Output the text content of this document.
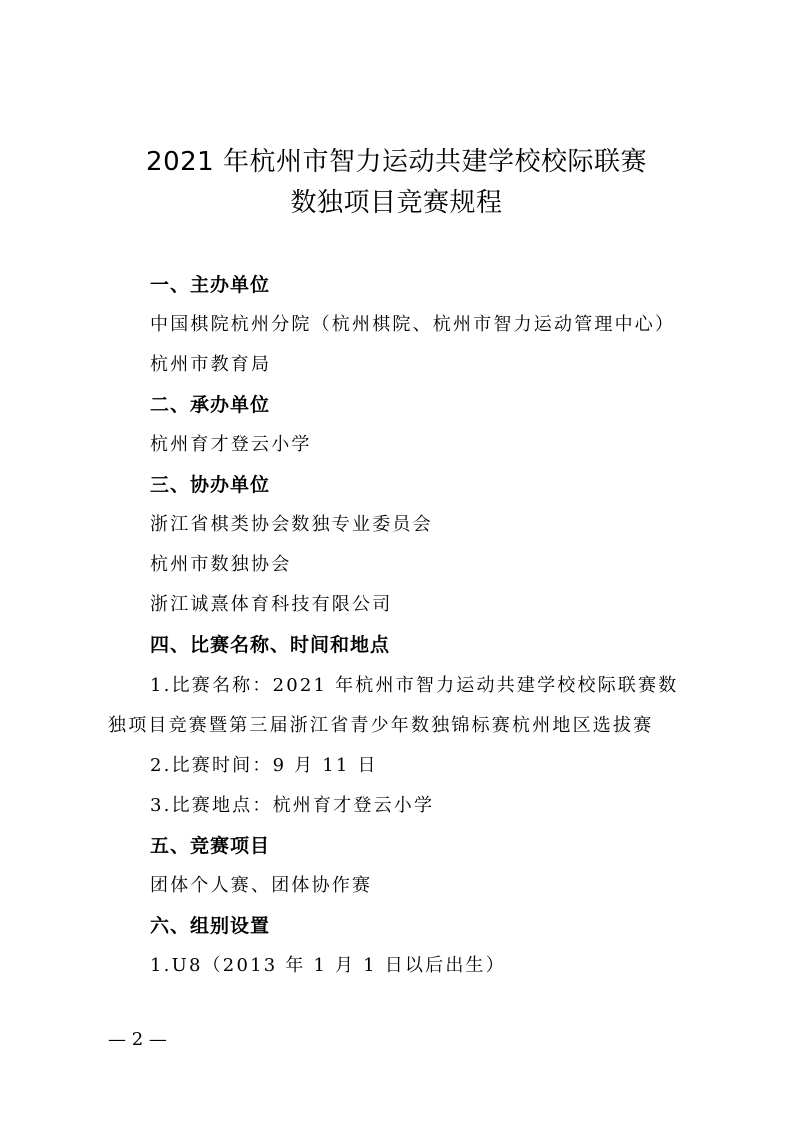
2021 年杭州市智力运动共建学校校际联赛
数独项目竞赛规程
一、主办单位
中国棋院杭州分院（杭州棋院、杭州市智力运动管理中心）
杭州市教育局
二、承办单位
杭州育才登云小学
三、协办单位
浙江省棋类协会数独专业委员会
杭州市数独协会
浙江诚熹体育科技有限公司
四、比赛名称、时间和地点
1.比赛名称：2021 年杭州市智力运动共建学校校际联赛数
独项目竞赛暨第三届浙江省青少年数独锦标赛杭州地区选拔赛
2.比赛时间：9 月 11 日
3.比赛地点：杭州育才登云小学
五、竞赛项目
团体个人赛、团体协作赛
六、组别设置
1.U8（2013 年 1 月 1 日以后出生）
— 2 —
